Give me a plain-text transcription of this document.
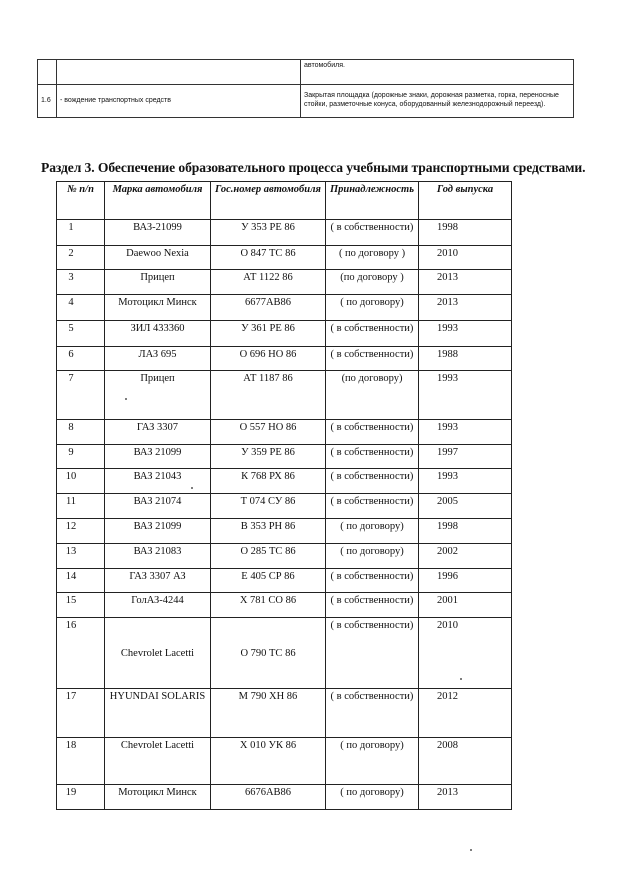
		автомобиля.
1.6	- вождение транспортных средств	Закрытая площадка (дорожные знаки, дорожная разметка, горка, переносные стойки, разметочные конуса, оборудованный железнодорожный переезд).
Раздел 3. Обеспечение образовательного процесса учебными транспортными средствами.
№ п/п	Марка автомобиля	Гос.номер автомобиля	Принадлежность	Год выпуска
1	ВАЗ-21099	У 353 РЕ 86	( в собственности)	1998
2	Daewoo Nexia	О 847 ТС 86	( по договору )	2010
3	Прицеп	АТ 1122 86	(по договору )	2013
4	Мотоцикл Минск	6677АВ86	( по договору)	2013
5	ЗИЛ 433360	У 361 РЕ 86	( в собственности)	1993
6	ЛАЗ 695	О 696 НО 86	( в собственности)	1988
7	Прицеп	АТ 1187 86	(по договору)	1993
8	ГАЗ 3307	О 557 НО 86	( в собственности)	1993
9	ВАЗ 21099	У 359 РЕ 86	( в собственности)	1997
10	ВАЗ 21043	К 768 РХ 86	( в собственности)	1993
11	ВАЗ 21074	Т 074 СУ 86	( в собственности)	2005
12	ВАЗ 21099	В 353 РН 86	( по договору)	1998
13	ВАЗ 21083	О 285 ТС 86	( по договору)	2002
14	ГАЗ 3307 АЗ	Е 405 СР 86	( в собственности)	1996
15	ГолАЗ-4244	Х 781 СО 86	( в собственности)	2001
16	Chevrolet Lacetti	О 790 ТС 86	( в собственности)	2010
17	HYUNDAI SOLARIS	М 790 ХН 86	( в собственности)	2012
18	Chevrolet Lacetti	Х 010 УК 86	( по договору)	2008
19	Мотоцикл Минск	6676АВ86	( по договору)	2013
